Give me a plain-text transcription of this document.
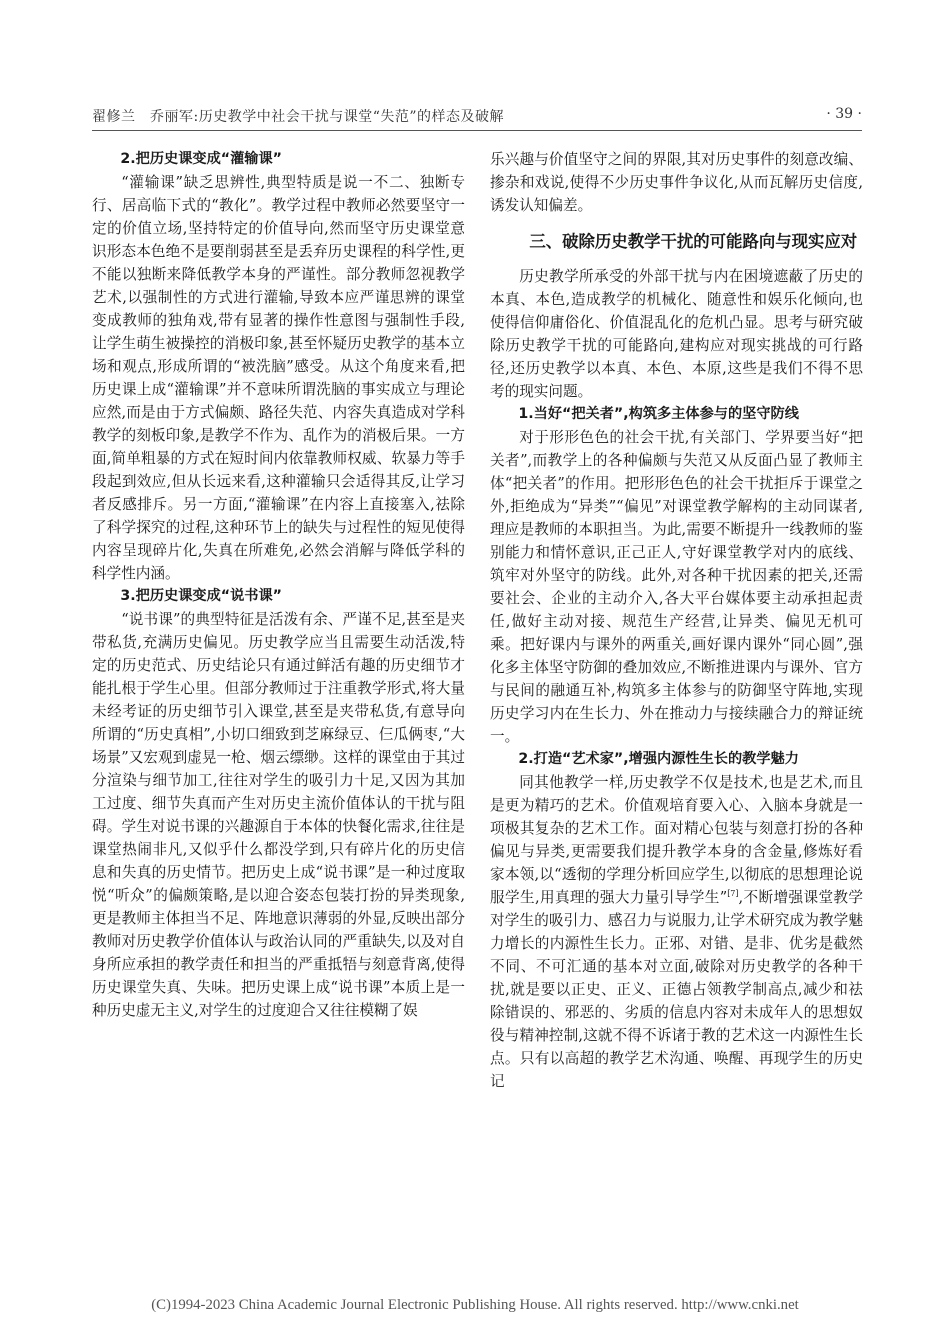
翟修兰　乔丽军:历史教学中社会干扰与课堂“失范”的样态及破解	· 39 ·
2.把历史课变成“灌输课”

“灌输课”缺乏思辨性,典型特质是说一不二、独断专行、居高临下式的“教化”。教学过程中教师必然要坚守一定的价值立场,坚持特定的价值导向,然而坚守历史课堂意识形态本色绝不是要削弱甚至是丢弃历史课程的科学性,更不能以独断来降低教学本身的严谨性。部分教师忽视教学艺术,以强制性的方式进行灌输,导致本应严谨思辨的课堂变成教师的独角戏,带有显著的操作性意图与强制性手段,让学生萌生被操控的消极印象,甚至怀疑历史教学的基本立场和观点,形成所谓的“被洗脑”感受。从这个角度来看,把历史课上成“灌输课”并不意味所谓洗脑的事实成立与理论应然,而是由于方式偏颇、路径失范、内容失真造成对学科教学的刻板印象,是教学不作为、乱作为的消极后果。一方面,简单粗暴的方式在短时间内依靠教师权威、软暴力等手段起到效应,但从长远来看,这种灌输只会适得其反,让学习者反感排斥。另一方面,“灌输课”在内容上直接塞入,祛除了科学探究的过程,这种环节上的缺失与过程性的短见使得内容呈现碎片化,失真在所难免,必然会消解与降低学科的科学性内涵。

3.把历史课变成“说书课”

“说书课”的典型特征是活泼有余、严谨不足,甚至是夹带私货,充满历史偏见。历史教学应当且需要生动活泼,特定的历史范式、历史结论只有通过鲜活有趣的历史细节才能扎根于学生心里。但部分教师过于注重教学形式,将大量未经考证的历史细节引入课堂,甚至是夹带私货,有意导向所谓的“历史真相”,小切口细致到芝麻绿豆、仨瓜俩枣,“大场景”又宏观到虚晃一枪、烟云缥缈。这样的课堂由于其过分渲染与细节加工,往往对学生的吸引力十足,又因为其加工过度、细节失真而产生对历史主流价值体认的干扰与阻碍。学生对说书课的兴趣源自于本体的快餐化需求,往往是课堂热闹非凡,又似乎什么都没学到,只有碎片化的历史信息和失真的历史情节。把历史上成“说书课”是一种过度取悦“听众”的偏颇策略,是以迎合姿态包装打扮的异类现象,更是教师主体担当不足、阵地意识薄弱的外显,反映出部分教师对历史教学价值体认与政治认同的严重缺失,以及对自身所应承担的教学责任和担当的严重抵牾与刻意背离,使得历史课堂失真、失味。把历史课上成“说书课”本质上是一种历史虚无主义,对学生的过度迎合又往往模糊了娱

乐兴趣与价值坚守之间的界限,其对历史事件的刻意改编、掺杂和戏说,使得不少历史事件争议化,从而瓦解历史信度,诱发认知偏差。

三、破除历史教学干扰的可能路向与现实应对

历史教学所承受的外部干扰与内在困境遮蔽了历史的本真、本色,造成教学的机械化、随意性和娱乐化倾向,也使得信仰庸俗化、价值混乱化的危机凸显。思考与研究破除历史教学干扰的可能路向,建构应对现实挑战的可行路径,还历史教学以本真、本色、本原,这些是我们不得不思考的现实问题。

1.当好“把关者”,构筑多主体参与的坚守防线

对于形形色色的社会干扰,有关部门、学界要当好“把关者”,而教学上的各种偏颇与失范又从反面凸显了教师主体“把关者”的作用。把形形色色的社会干扰拒斥于课堂之外,拒绝成为“异类”“偏见”对课堂教学解构的主动同谋者,理应是教师的本职担当。为此,需要不断提升一线教师的鉴别能力和情怀意识,正己正人,守好课堂教学对内的底线、筑牢对外坚守的防线。此外,对各种干扰因素的把关,还需要社会、企业的主动介入,各大平台媒体要主动承担起责任,做好主动对接、规范生产经营,让异类、偏见无机可乘。把好课内与课外的两重关,画好课内课外“同心圆”,强化多主体坚守防御的叠加效应,不断推进课内与课外、官方与民间的融通互补,构筑多主体参与的防御坚守阵地,实现历史学习内在生长力、外在推动力与接续融合力的辩证统一。

2.打造“艺术家”,增强内源性生长的教学魅力

同其他教学一样,历史教学不仅是技术,也是艺术,而且是更为精巧的艺术。价值观培育要入心、入脑本身就是一项极其复杂的艺术工作。面对精心包装与刻意打扮的各种偏见与异类,更需要我们提升教学本身的含金量,修炼好看家本领,以“透彻的学理分析回应学生,以彻底的思想理论说服学生,用真理的强大力量引导学生”[7],不断增强课堂教学对学生的吸引力、感召力与说服力,让学术研究成为教学魅力增长的内源性生长力。正邪、对错、是非、优劣是截然不同、不可汇通的基本对立面,破除对历史教学的各种干扰,就是要以正史、正义、正德占领教学制高点,减少和祛除错误的、邪恶的、劣质的信息内容对未成年人的思想奴役与精神控制,这就不得不诉诸于教的艺术这一内源性生长点。只有以高超的教学艺术沟通、唤醒、再现学生的历史记

(C)1994-2023 China Academic Journal Electronic Publishing House. All rights reserved. http://www.cnki.net
